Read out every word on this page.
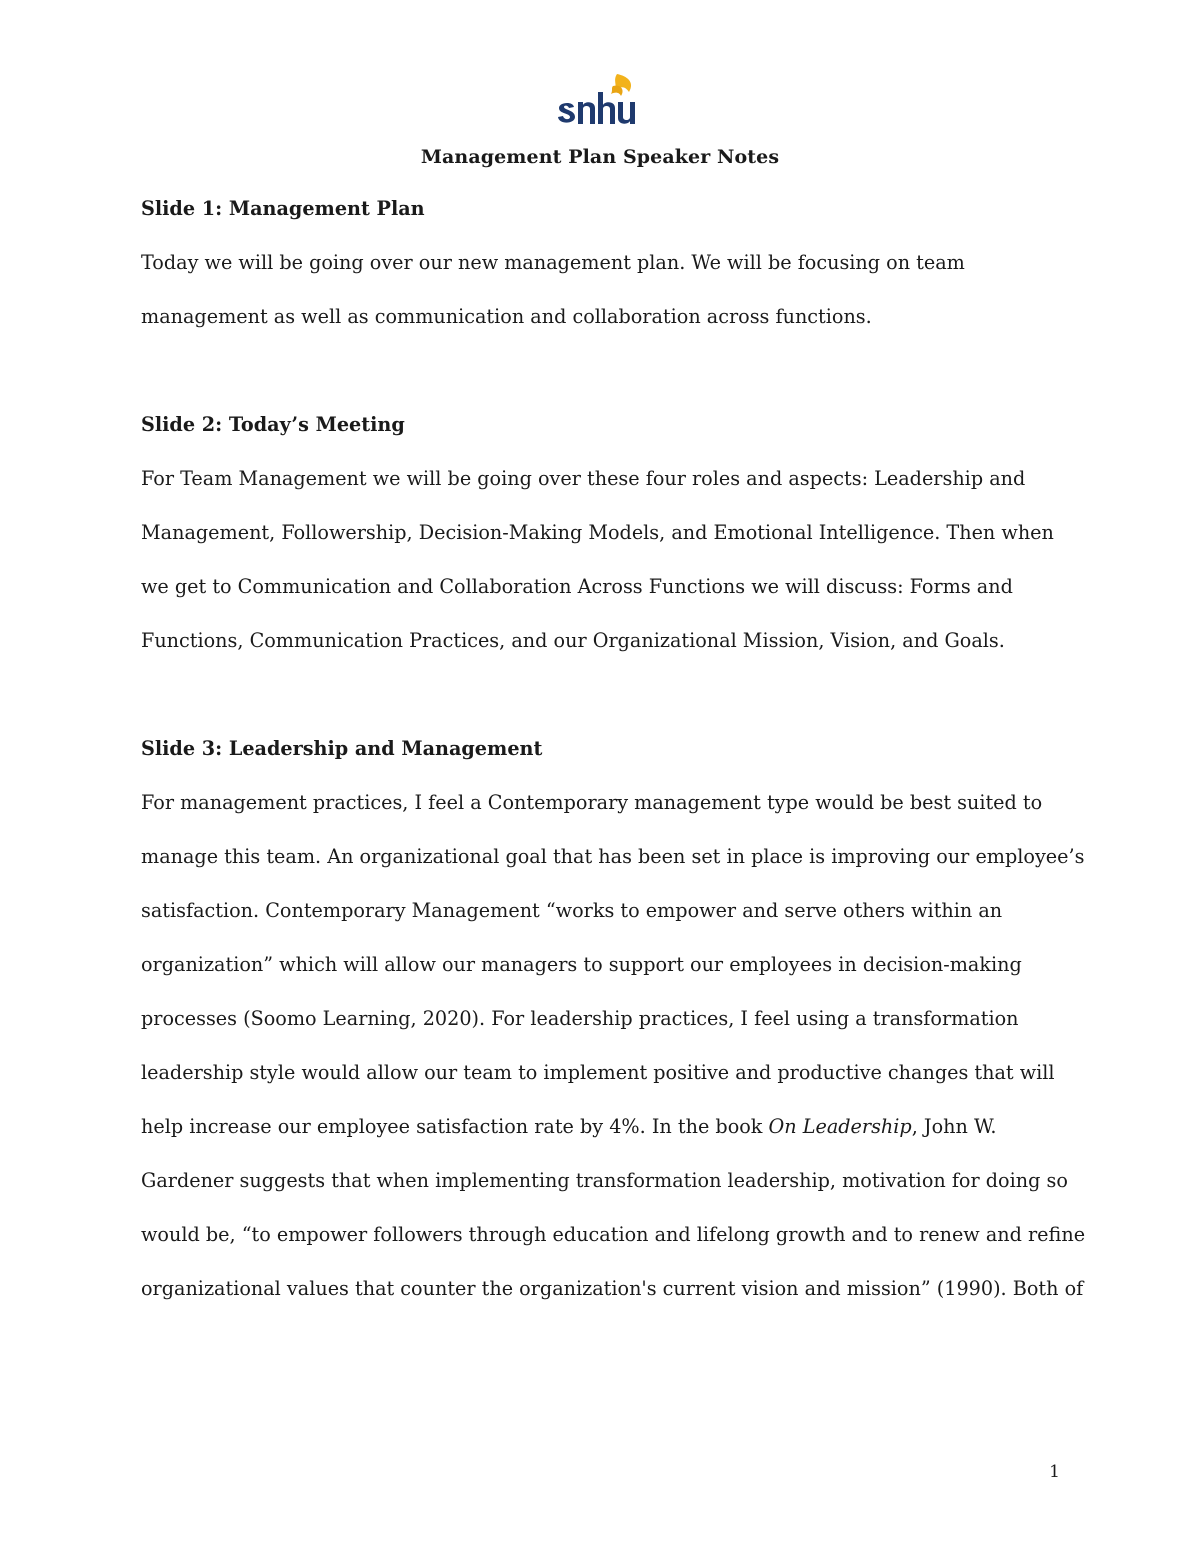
Management Plan Speaker Notes
Slide 1: Management Plan
Today we will be going over our new management plan. We will be focusing on team
management as well as communication and collaboration across functions.
Slide 2: Today’s Meeting
For Team Management we will be going over these four roles and aspects: Leadership and
Management, Followership, Decision-Making Models, and Emotional Intelligence. Then when
we get to Communication and Collaboration Across Functions we will discuss: Forms and
Functions, Communication Practices, and our Organizational Mission, Vision, and Goals.
Slide 3: Leadership and Management
For management practices, I feel a Contemporary management type would be best suited to
manage this team. An organizational goal that has been set in place is improving our employee’s
satisfaction. Contemporary Management “works to empower and serve others within an
organization” which will allow our managers to support our employees in decision-making
processes (Soomo Learning, 2020). For leadership practices, I feel using a transformation
leadership style would allow our team to implement positive and productive changes that will
help increase our employee satisfaction rate by 4%. In the book On Leadership, John W.
Gardener suggests that when implementing transformation leadership, motivation for doing so
would be, “to empower followers through education and lifelong growth and to renew and refine
organizational values that counter the organization's current vision and mission” (1990). Both of
1
